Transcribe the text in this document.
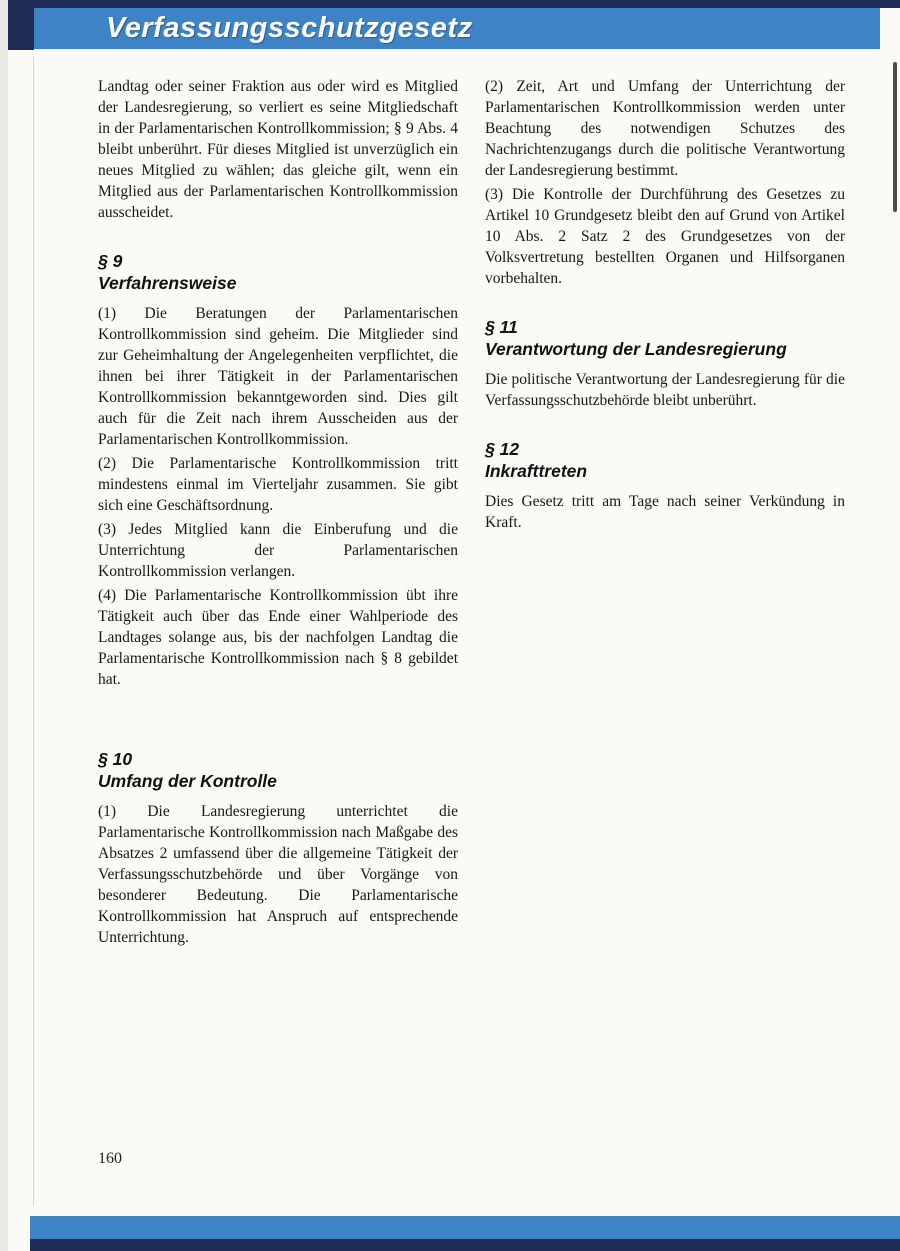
Verfassungsschutzgesetz

Landtag oder seiner Fraktion aus oder wird es Mitglied der Landesregierung, so verliert es seine Mitgliedschaft in der Parlamentarischen Kontrollkommission; § 9 Abs. 4 bleibt unberührt. Für dieses Mitglied ist unverzüglich ein neues Mitglied zu wählen; das gleiche gilt, wenn ein Mitglied aus der Parlamentarischen Kontrollkommission ausscheidet.

§ 9
Verfahrensweise

(1) Die Beratungen der Parlamentarischen Kontrollkommission sind geheim. Die Mitglieder sind zur Geheimhaltung der Angelegenheiten verpflichtet, die ihnen bei ihrer Tätigkeit in der Parlamentarischen Kontrollkommission bekanntgeworden sind. Dies gilt auch für die Zeit nach ihrem Ausscheiden aus der Parlamentarischen Kontrollkommission.

(2) Die Parlamentarische Kontrollkommission tritt mindestens einmal im Vierteljahr zusammen. Sie gibt sich eine Geschäftsordnung.

(3) Jedes Mitglied kann die Einberufung und die Unterrichtung der Parlamentarischen Kontrollkommission verlangen.

(4) Die Parlamentarische Kontrollkommission übt ihre Tätigkeit auch über das Ende einer Wahlperiode des Landtages solange aus, bis der nachfolgen Landtag die Parlamentarische Kontrollkommission nach § 8 gebildet hat.

§ 10
Umfang der Kontrolle

(1) Die Landesregierung unterrichtet die Parlamentarische Kontrollkommission nach Maßgabe des Absatzes 2 umfassend über die allgemeine Tätigkeit der Verfassungsschutzbehörde und über Vorgänge von besonderer Bedeutung. Die Parlamentarische Kontrollkommission hat Anspruch auf entsprechende Unterrichtung.

(2) Zeit, Art und Umfang der Unterrichtung der Parlamentarischen Kontrollkommission werden unter Beachtung des notwendigen Schutzes des Nachrichtenzugangs durch die politische Verantwortung der Landesregierung bestimmt.

(3) Die Kontrolle der Durchführung des Gesetzes zu Artikel 10 Grundgesetz bleibt den auf Grund von Artikel 10 Abs. 2 Satz 2 des Grundgesetzes von der Volksvertretung bestellten Organen und Hilfsorganen vorbehalten.

§ 11
Verantwortung der Landesregierung

Die politische Verantwortung der Landesregierung für die Verfassungsschutzbehörde bleibt unberührt.

§ 12
Inkrafttreten

Dies Gesetz tritt am Tage nach seiner Verkündung in Kraft.

160
